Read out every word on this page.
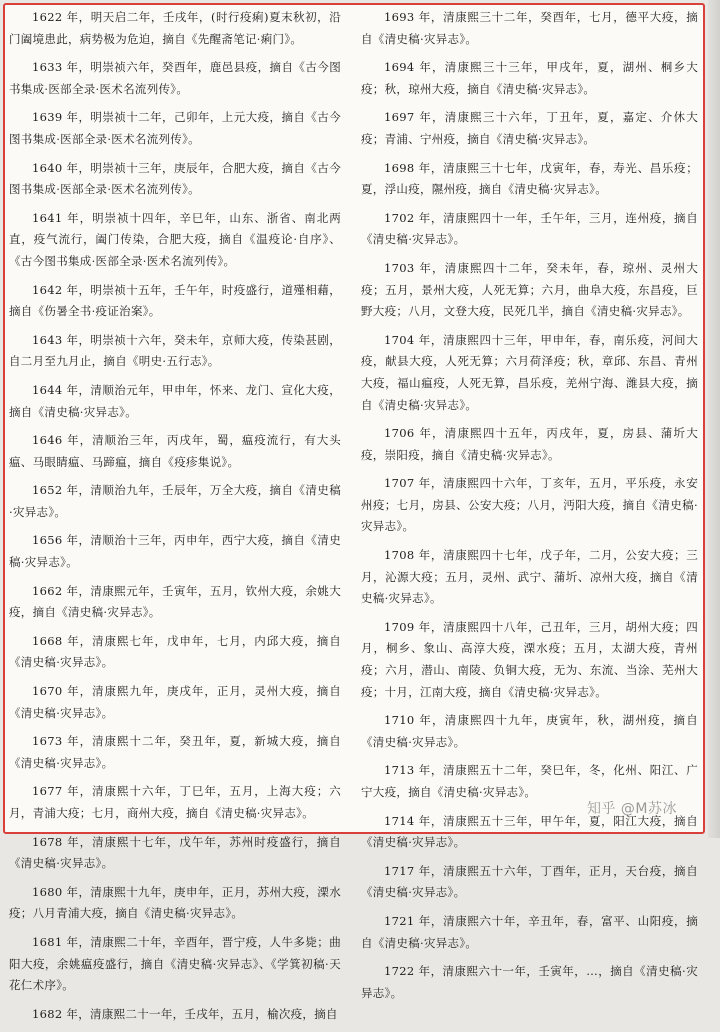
1622 年，明天启二年，壬戌年，(时行疫痢)夏末秋初，沿门阖境患此，病势极为危迫，摘自《先醒斋笔记·痢门》。

1633 年，明崇祯六年，癸酉年，鹿邑县疫，摘自《古今图书集成·医部全录·医术名流列传》。

1639 年，明崇祯十二年，己卯年，上元大疫，摘自《古今图书集成·医部全录·医术名流列传》。

1640 年，明崇祯十三年，庚辰年，合肥大疫，摘自《古今图书集成·医部全录·医术名流列传》。

1641 年，明崇祯十四年，辛巳年，山东、浙省、南北两直，疫气流行，阖门传染，合肥大疫，摘自《温疫论·自序》、《古今图书集成·医部全录·医术名流列传》。

1642 年，明崇祯十五年，壬午年，时疫盛行，道殣相藉，摘自《伤暑全书·疫证治案》。

1643 年，明崇祯十六年，癸未年，京师大疫，传染甚剧，自二月至九月止，摘自《明史·五行志》。

1644 年，清顺治元年，甲申年，怀来、龙门、宣化大疫，摘自《清史稿·灾异志》。

1646 年，清顺治三年，丙戌年，蜀，瘟疫流行，有大头瘟、马眼睛瘟、马蹄瘟，摘自《疫疹集说》。

1652 年，清顺治九年，壬辰年，万全大疫，摘自《清史稿·灾异志》。

1656 年，清顺治十三年，丙申年，西宁大疫，摘自《清史稿·灾异志》。

1662 年，清康熙元年，壬寅年，五月，钦州大疫，余姚大疫，摘自《清史稿·灾异志》。

1668 年，清康熙七年，戊申年，七月，内邱大疫，摘自《清史稿·灾异志》。

1670 年，清康熙九年，庚戌年，正月，灵州大疫，摘自《清史稿·灾异志》。

1673 年，清康熙十二年，癸丑年，夏，新城大疫，摘自《清史稿·灾异志》。

1677 年，清康熙十六年，丁巳年，五月，上海大疫；六月，青浦大疫；七月，商州大疫，摘自《清史稿·灾异志》。

1678 年，清康熙十七年，戊午年，苏州时疫盛行，摘自《清史稿·灾异志》。

1680 年，清康熙十九年，庚申年，正月，苏州大疫，溧水疫；八月青浦大疫，摘自《清史稿·灾异志》。

1681 年，清康熙二十年，辛酉年，晋宁疫，人牛多毙；曲阳大疫，余姚瘟疫盛行，摘自《清史稿·灾异志》、《学箕初稿·天花仁术序》。

1682 年，清康熙二十一年，壬戌年，五月，榆次疫，摘自

1693 年，清康熙三十二年，癸酉年，七月，德平大疫，摘自《清史稿·灾异志》。

1694 年，清康熙三十三年，甲戌年，夏，湖州、桐乡大疫；秋，琼州大疫，摘自《清史稿·灾异志》。

1697 年，清康熙三十六年，丁丑年，夏，嘉定、介休大疫；青浦、宁州疫，摘自《清史稿·灾异志》。

1698 年，清康熙三十七年，戊寅年，春，寿光、昌乐疫；夏，浮山疫，隰州疫，摘自《清史稿·灾异志》。

1702 年，清康熙四十一年，壬午年，三月，连州疫，摘自《清史稿·灾异志》。

1703 年，清康熙四十二年，癸未年，春，琼州、灵州大疫；五月，景州大疫，人死无算；六月，曲阜大疫，东昌疫，巨野大疫；八月，文登大疫，民死几半，摘自《清史稿·灾异志》。

1704 年，清康熙四十三年，甲申年，春，南乐疫，河间大疫，献县大疫，人死无算；六月荷泽疫；秋，章邱、东昌、青州大疫，福山瘟疫，人死无算，昌乐疫，羌州宁海、潍县大疫，摘自《清史稿·灾异志》。

1706 年，清康熙四十五年，丙戌年，夏，房县、蒲圻大疫，崇阳疫，摘自《清史稿·灾异志》。

1707 年，清康熙四十六年，丁亥年，五月，平乐疫，永安州疫；七月，房县、公安大疫；八月，沔阳大疫，摘自《清史稿·灾异志》。

1708 年，清康熙四十七年，戊子年，二月，公安大疫；三月，沁源大疫；五月，灵州、武宁、蒲圻、凉州大疫，摘自《清史稿·灾异志》。

1709 年，清康熙四十八年，己丑年，三月，胡州大疫；四月，桐乡、象山、高淳大疫，溧水疫；五月，太湖大疫，青州疫；六月，潜山、南陵、负铜大疫，无为、东流、当涂、芜州大疫；十月，江南大疫，摘自《清史稿·灾异志》。

1710 年，清康熙四十九年，庚寅年，秋，湖州疫，摘自《清史稿·灾异志》。

1713 年，清康熙五十二年，癸巳年，冬，化州、阳江、广宁大疫，摘自《清史稿·灾异志》。

1714 年，清康熙五十三年，甲午年，夏，阳江大疫，摘自《清史稿·灾异志》。

1717 年，清康熙五十六年，丁酉年，正月，天台疫，摘自《清史稿·灾异志》。

1721 年，清康熙六十年，辛丑年，春，富平、山阳疫，摘自《清史稿·灾异志》。

1722 年，清康熙六十一年，壬寅年，…，摘自《清史稿·灾异志》。

知乎 @M苏冰
